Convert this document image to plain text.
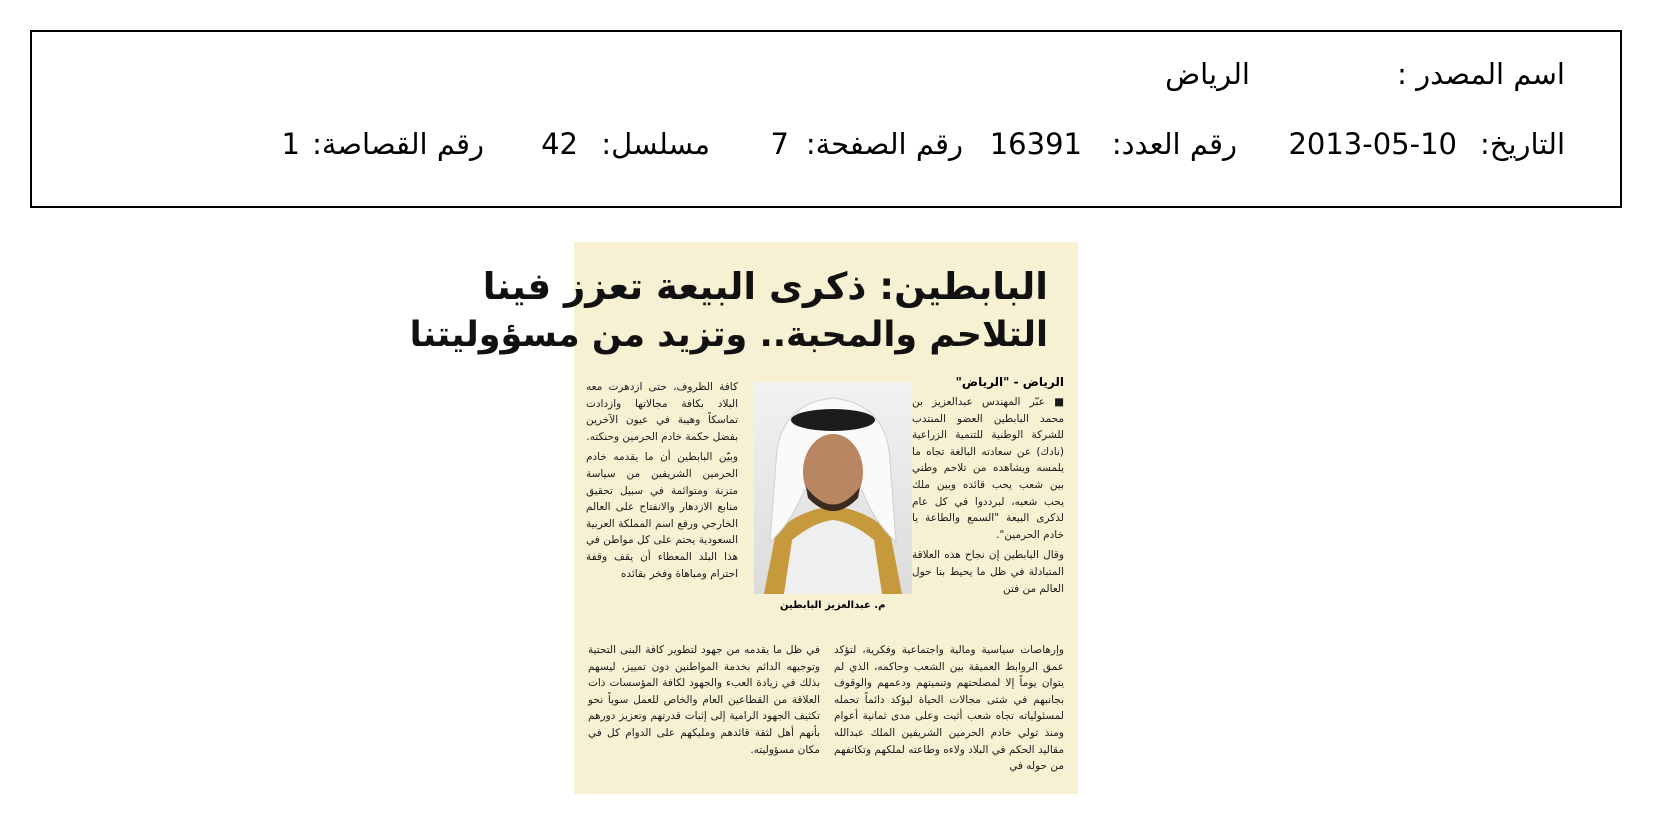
اسم المصدر :
الرياض
التاريخ:
2013-05-10
رقم العدد:
16391
رقم الصفحة:
7
مسلسل:
42
رقم القصاصة:
1
البابطين: ذكرى البيعة تعزز فينا
التلاحم والمحبة.. وتزيد من مسؤوليتنا
الرياض - "الرياض"

■ عبّر المهندس عبدالعزيز بن محمد البابطين العضو المنتدب للشركة الوطنية للتنمية الزراعية (نادك) عن سعادته البالغة تجاه ما يلمسه ويشاهده من تلاحم وطني بين شعب يحب قائده وبين ملك يحب شعبه، لبرددوا في كل عام لذكرى البيعة "السمع والطاعة يا خادم الحرمين".

وقال البابطين إن نجاح هذه العلاقة المتبادلة في ظل ما يحيط بنا حول العالم من فتن

م. عبدالعزيز البابطين

كافة الظروف، حتى ازدهرت معه البلاد بكافة مجالاتها وازدادت تماسكاً وهيبة في عيون الآخرين بفضل حكمة خادم الحرمين وحنكته.

وبيّن البابطين أن ما يقدمه خادم الحرمين الشريفين من سياسة متزنة ومتوائمة في سبيل تحقيق منابع الازدهار والانفتاح على العالم الخارجي ورفع اسم المملكة العربية السعودية يحتم على كل مواطن في هذا البلد المعطاء أن يقف وقفة احترام ومباهاة وفخر بقائده

وإرهاصات سياسية ومالية واجتماعية وفكرية، لتؤكد عمق الروابط العميقة بين الشعب وحاكمه، الذي لم يتوان يوماً إلا لمصلحتهم وتنميتهم ودعمهم والوقوف بجانبهم في شتى مجالات الحياة ليؤكد دائماً تحمله لمسئولياته تجاه شعب أثبت وعلى مدى ثمانية أعوام ومنذ تولي خادم الحرمين الشريفين الملك عبدالله مقاليد الحكم في البلاد ولاءه وطاعته لملكهم وتكاتفهم من حوله في

في ظل ما يقدمه من جهود لتطوير كافة البنى التحتية وتوجيهه الدائم بخدمة المواطنين دون تمييز، ليسهم بذلك في زيادة العبء والجهود لكافة المؤسسات ذات العلاقة من القطاعين العام والخاص للعمل سوياً نحو تكثيف الجهود الرامية إلى إثبات قدرتهم وتعزيز دورهم بأنهم أهل لثقة قائدهم ومليكهم على الدوام كل في مكان مسؤوليته.
